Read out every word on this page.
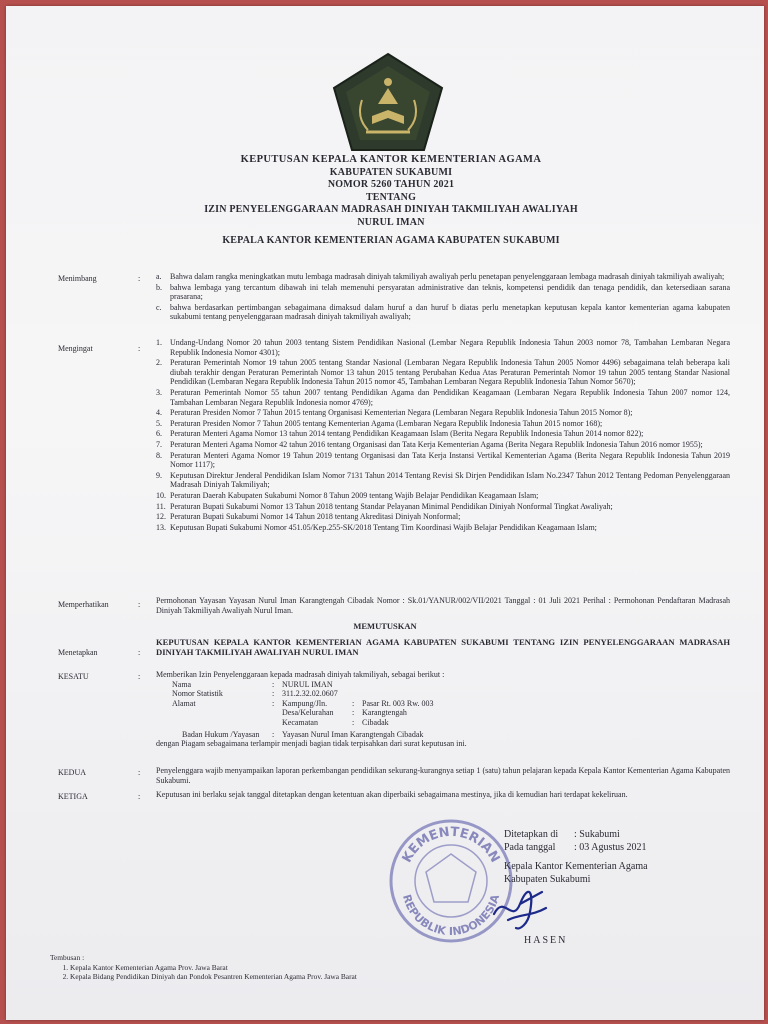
KEPUTUSAN KEPALA KANTOR KEMENTERIAN AGAMA
KABUPATEN SUKABUMI
NOMOR 5260 TAHUN 2021
TENTANG
IZIN PENYELENGGARAAN MADRASAH DINIYAH TAKMILIYAH AWALIYAH
NURUL IMAN
KEPALA KANTOR KEMENTERIAN AGAMA KABUPATEN SUKABUMI
Menimbang	: a.	Bahwa dalam rangka meningkatkan mutu lembaga madrasah diniyah takmiliyah awaliyah perlu penetapan penyelenggaraan lembaga madrasah diniyah takmiliyah awaliyah;
b.	bahwa lembaga yang tercantum dibawah ini telah memenuhi persyaratan administrative dan teknis, kompetensi pendidik dan tenaga pendidik, dan ketersediaan sarana prasarana;
c.	bahwa berdasarkan pertimbangan sebagaimana dimaksud dalam huruf a dan huruf b diatas perlu menetapkan keputusan kepala kantor kementerian agama kabupaten sukabumi tentang penyelenggaraan madrasah diniyah takmiliyah awaliyah;
Mengingat	:
1.	Undang-Undang Nomor 20 tahun 2003 tentang Sistem Pendidikan Nasional (Lembar Negara Republik Indonesia Tahun 2003 nomor 78, Tambahan Lembaran Negara Republik Indonesia Nomor 4301);
2.	Peraturan Pemerintah Nomor 19 tahun 2005 tentang Standar Nasional (Lembaran Negara Republik Indonesia Tahun 2005 Nomor 4496) sebagaimana telah beberapa kali diubah terakhir dengan Peraturan Pemerintah Nomor 13 tahun 2015 tentang Perubahan Kedua Atas Peraturan Pemerintah Nomor 19 tahun 2005 tentang Standar Nasional Pendidikan (Lembaran Negara Republik Indonesia Tahun 2015 nomor 45, Tambahan Lembaran Negara Republik Indonesia Tahun Nomor 5670);
3.	Peraturan Pemerintah Nomor 55 tahun 2007 tentang Pendidikan Agama dan Pendidikan Keagamaan (Lembaran Negara Republik Indonesia Tahun 2007 nomor 124, Tambahan Lembaran Negara Republik Indonesia nomor 4769);
4.	Peraturan Presiden Nomor 7 Tahun 2015 tentang Organisasi Kementerian Negara (Lembaran Negara Republik Indonesia Tahun 2015 Nomor 8);
5.	Peraturan Presiden Nomor 7 Tahun 2005 tentang Kementerian Agama (Lembaran Negara Republik Indonesia Tahun 2015 nomor 168);
6.	Peraturan Menteri Agama Nomor 13 tahun 2014 tentang Pendidikan Keagamaan Islam (Berita Negara Republik Indonesia Tahun 2014 nomor 822);
7.	Peraturan Menteri Agama Nomor 42 tahun 2016 tentang Organisasi dan Tata Kerja Kementerian Agama (Berita Negara Republik Indonesia Tahun 2016 nomor 1955);
8.	Peraturan Menteri Agama Nomor 19 Tahun 2019 tentang Organisasi dan Tata Kerja Instansi Vertikal Kementerian Agama (Berita Negara Republik Indonesia Tahun 2019 Nomor 1117);
9.	Keputusan Direktur Jenderal Pendidikan Islam Nomor 7131 Tahun 2014 Tentang Revisi Sk Dirjen Pendidikan Islam No.2347 Tahun 2012 Tentang Pedoman Penyelenggaraan Madrasah Diniyah Takmiliyah;
10. Peraturan Daerah Kabupaten Sukabumi Nomor 8 Tahun 2009 tentang Wajib Belajar Pendidikan Keagamaan Islam;
11. Peraturan Bupati Sukabumi Nomor 13 Tahun 2018 tentang Standar Pelayanan Minimal Pendidikan Diniyah Nonformal Tingkat Awaliyah;
12. Peraturan Bupati Sukabumi Nomor 14 Tahun 2018 tentang Akreditasi Diniyah Nonformal;
13. Keputusan Bupati Sukabumi Nomor 451.05/Kep.255-SK/2018 Tentang Tim Koordinasi Wajib Belajar Pendidikan Keagamaan Islam;
Memperhatikan	: Permohonan Yayasan Yayasan Nurul Iman Karangtengah Cibadak Nomor : Sk.01/YANUR/002/VII/2021 Tanggal : 01 Juli 2021 Perihal : Permohonan Pendaftaran Madrasah Diniyah Takmiliyah Awaliyah Nurul Iman.
MEMUTUSKAN
Menetapkan	:
KEPUTUSAN KEPALA KANTOR KEMENTERIAN AGAMA KABUPATEN SUKABUMI TENTANG IZIN PENYELENGGARAAN MADRASAH DINIYAH TAKMILIYAH AWALIYAH NURUL IMAN
KESATU	: Memberikan Izin Penyelenggaraan kepada madrasah diniyah takmiliyah, sebagai berikut :
Nama	: NURUL IMAN
Nomor Statistik	: 311.2.32.02.0607
Alamat	: Kampung/Jln.	: Pasar Rt. 003 Rw. 003
Desa/Kelurahan	: Karangtengah
Kecamatan	: Cibadak
Badan Hukum /Yayasan	: Yayasan Nurul Iman Karangtengah Cibadak
dengan Piagam sebagaimana terlampir menjadi bagian tidak terpisahkan dari surat keputusan ini.
KEDUA	: Penyelenggara wajib menyampaikan laporan perkembangan pendidikan sekurang-kurangnya setiap 1 (satu) tahun pelajaran kepada Kepala Kantor Kementerian Agama Kabupaten Sukabumi.
KETIGA	: Keputusan ini berlaku sejak tanggal ditetapkan dengan ketentuan akan diperbaiki sebagaimana mestinya, jika di kemudian hari terdapat kekeliruan.
KEMENTERIAN
REPUBLIK INDONESIA
Ditetapkan di	: Sukabumi
Pada tanggal	: 03 Agustus 2021
Kepala Kantor Kementerian Agama
Kabupaten Sukabumi
HASEN
Tembusan :
1. Kepala Kantor Kementerian Agama Prov. Jawa Barat
2. Kepala Bidang Pendidikan Diniyah dan Pondok Pesantren Kementerian Agama Prov. Jawa Barat
